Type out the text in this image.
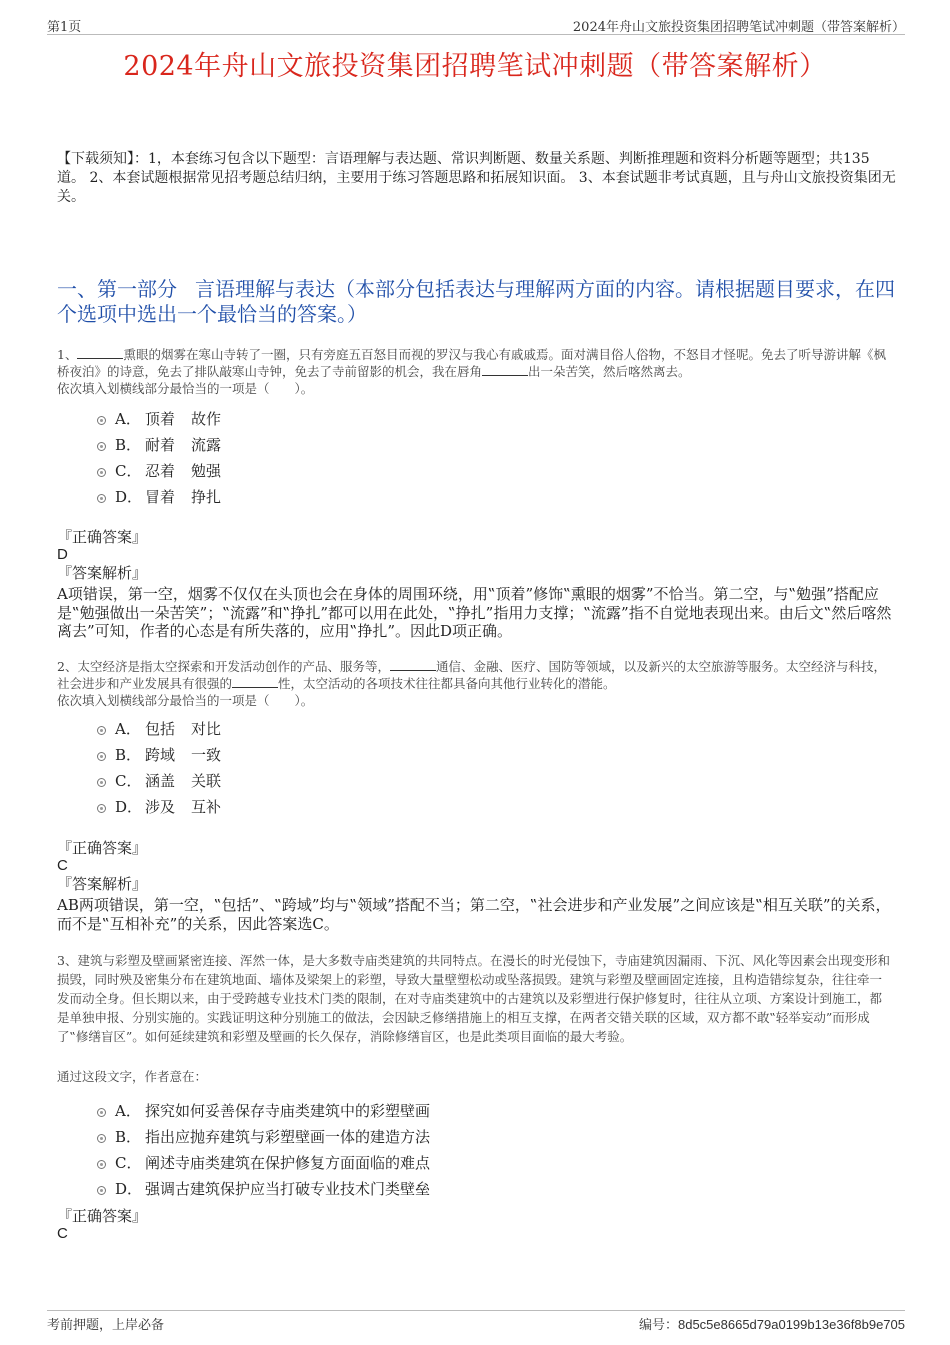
第1页	2024年舟山文旅投资集团招聘笔试冲刺题（带答案解析）
2024年舟山文旅投资集团招聘笔试冲刺题（带答案解析）
【下载须知】：1，本套练习包含以下题型：言语理解与表达题、常识判断题、数量关系题、判断推理题和资料分析题等题型；共135道。 2、本套试题根据常见招考题总结归纳，主要用于练习答题思路和拓展知识面。 3、本套试题非考试真题，且与舟山文旅投资集团无关。
一、第一部分 言语理解与表达（本部分包括表达与理解两方面的内容。请根据题目要求，在四个选项中选出一个最恰当的答案。）
1、	熏眼的烟雾在寒山寺转了一圈，只有旁庭五百怒目而视的罗汉与我心有戚戚焉。面对满目俗人俗物，不怒目才怪呢。免去了听导游讲解《枫桥夜泊》的诗意，免去了排队敲寒山寺钟，免去了寺前留影的机会，我在唇角	出一朵苦笑，然后喀然离去。
依次填入划横线部分最恰当的一项是（　　）。
A． 顶着 故作
B． 耐着 流露
C． 忍着 勉强
D． 冒着 挣扎
『正确答案』
D
『答案解析』
A项错误，第一空，烟雾不仅仅在头顶也会在身体的周围环绕，用‟顶着”修饰‟熏眼的烟雾”不恰当。第二空，与‟勉强”搭配应是‟勉强做出一朵苦笑”；‟流露”和‟挣扎”都可以用在此处，‟挣扎”指用力支撑；‟流露”指不自觉地表现出来。由后文‟然后喀然离去”可知，作者的心态是有所失落的，应用‟挣扎”。因此D项正确。
2、太空经济是指太空探索和开发活动创作的产品、服务等，	通信、金融、医疗、国防等领域，以及新兴的太空旅游等服务。太空经济与科技，社会进步和产业发展具有很强的	性，太空活动的各项技术往往都具备向其他行业转化的潜能。
依次填入划横线部分最恰当的一项是（　　）。
A． 包括 对比
B． 跨域 一致
C． 涵盖 关联
D． 涉及 互补
『正确答案』
C
『答案解析』
AB两项错误，第一空，‟包括”、‟跨域”均与‟领域”搭配不当；第二空，‟社会进步和产业发展”之间应该是‟相互关联”的关系，而不是‟互相补充”的关系，因此答案选C。
3、建筑与彩塑及壁画紧密连接、浑然一体，是大多数寺庙类建筑的共同特点。在漫长的时光侵蚀下，寺庙建筑因漏雨、下沉、风化等因素会出现变形和损毁，同时殃及密集分布在建筑地面、墙体及梁架上的彩塑，导致大量壁塑松动或坠落损毁。建筑与彩塑及壁画固定连接，且构造错综复杂，往往牵一发而动全身。但长期以来，由于受跨越专业技术门类的限制，在对寺庙类建筑中的古建筑以及彩塑进行保护修复时，往往从立项、方案设计到施工，都是单独申报、分别实施的。实践证明这种分别施工的做法，会因缺乏修缮措施上的相互支撑，在两者交错关联的区域，双方都不敢‟轻举妄动”而形成了‟修缮盲区”。如何延续建筑和彩塑及壁画的长久保存，消除修缮盲区，也是此类项目面临的最大考验。
通过这段文字，作者意在：
A． 探究如何妥善保存寺庙类建筑中的彩塑壁画
B． 指出应抛弃建筑与彩塑壁画一体的建造方法
C． 阐述寺庙类建筑在保护修复方面面临的难点
D． 强调古建筑保护应当打破专业技术门类壁垒
『正确答案』
C
考前押题，上岸必备	编号：8d5c5e8665d79a0199b13e36f8b9e705
